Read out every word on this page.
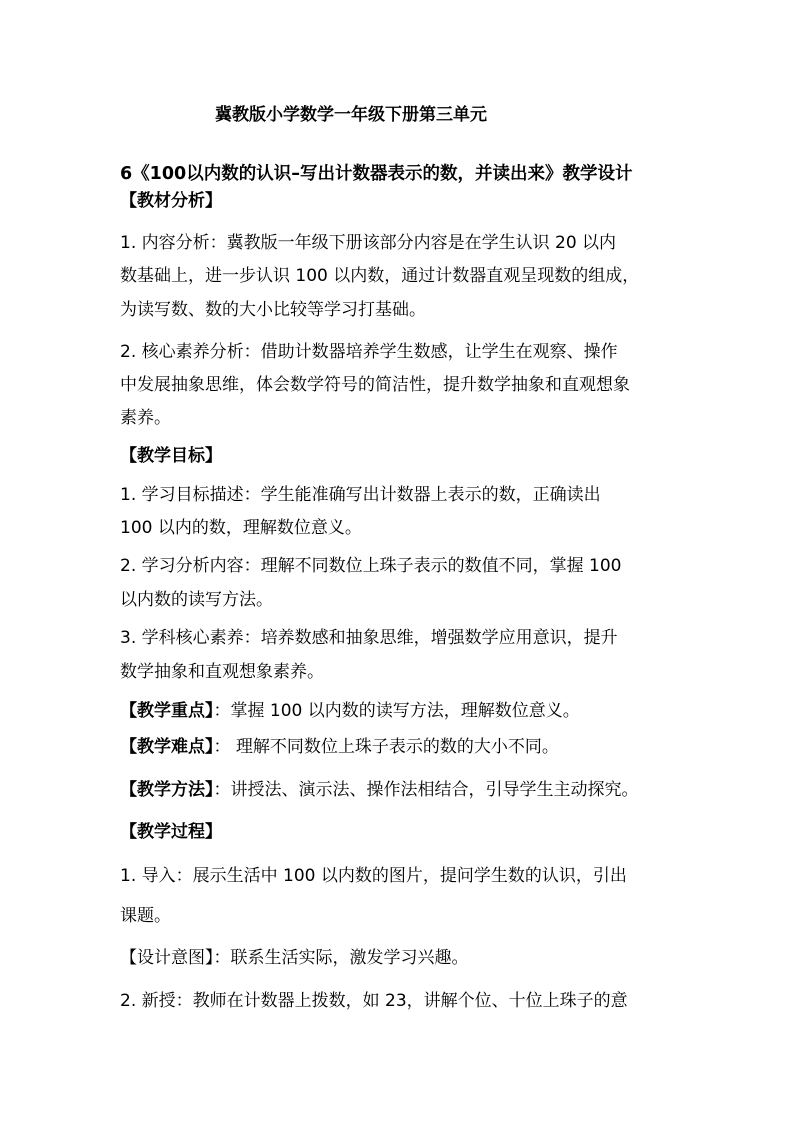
冀教版小学数学一年级下册第三单元
6《100以内数的认识–写出计数器表示的数，并读出来》教学设计
【教材分析】
1. 内容分析：冀教版一年级下册该部分内容是在学生认识 20 以内
数基础上，进一步认识 100 以内数，通过计数器直观呈现数的组成，
为读写数、数的大小比较等学习打基础。
2. 核心素养分析：借助计数器培养学生数感，让学生在观察、操作
中发展抽象思维，体会数学符号的简洁性，提升数学抽象和直观想象
素养。
【教学目标】
1. 学习目标描述：学生能准确写出计数器上表示的数，正确读出
100 以内的数，理解数位意义。
2. 学习分析内容：理解不同数位上珠子表示的数值不同，掌握 100
以内数的读写方法。
3. 学科核心素养：培养数感和抽象思维，增强数学应用意识，提升
数学抽象和直观想象素养。
【教学重点】：掌握 100 以内数的读写方法，理解数位意义。
【教学难点】： 理解不同数位上珠子表示的数的大小不同。
【教学方法】：讲授法、演示法、操作法相结合，引导学生主动探究。
【教学过程】
1. 导入：展示生活中 100 以内数的图片，提问学生数的认识，引出
课题。
【设计意图】：联系生活实际，激发学习兴趣。
2. 新授：教师在计数器上拨数，如 23，讲解个位、十位上珠子的意
